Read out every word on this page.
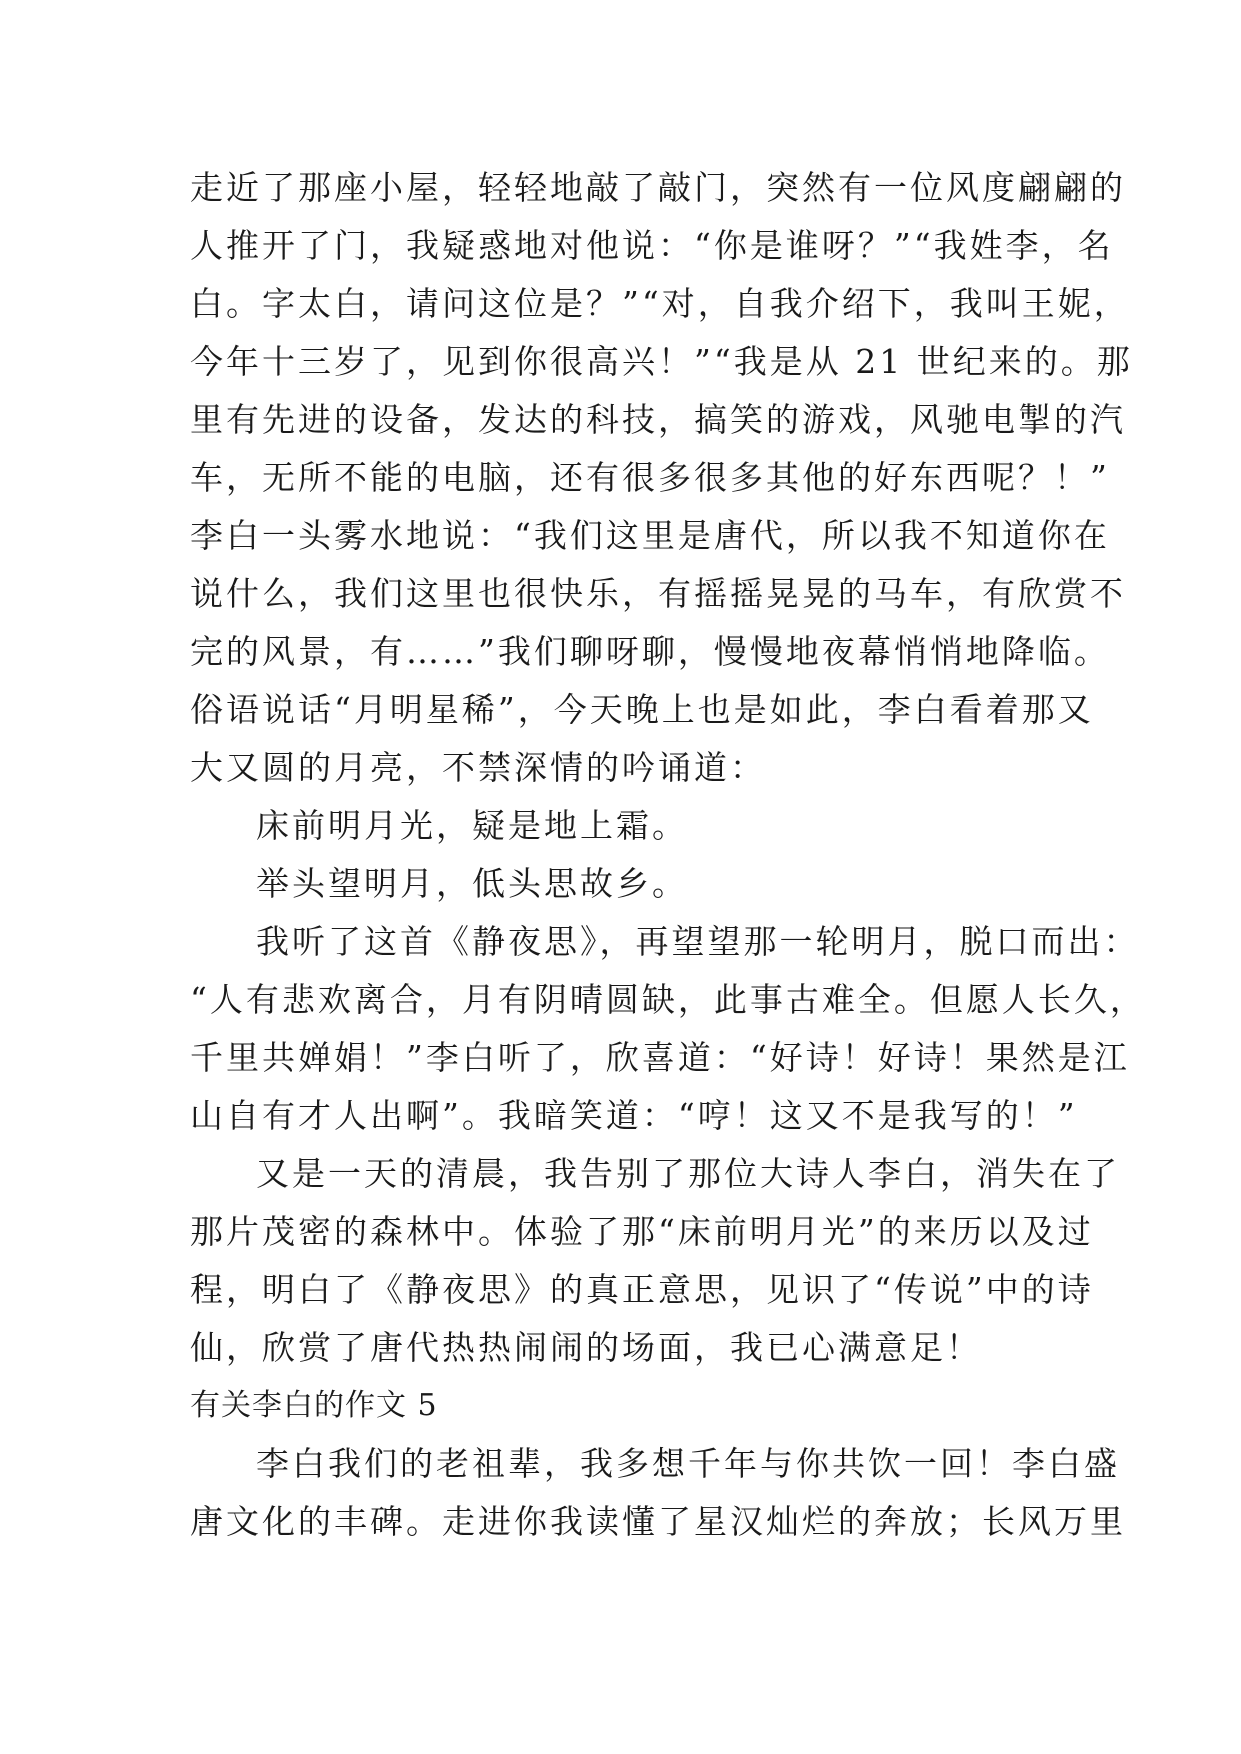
走近了那座小屋，轻轻地敲了敲门，突然有一位风度翩翩的
人推开了门，我疑惑地对他说：“你是谁呀？”“我姓李，名
白。字太白，请问这位是？”“对，自我介绍下，我叫王妮，
今年十三岁了，见到你很高兴！”“我是从 21 世纪来的。那
里有先进的设备，发达的科技，搞笑的游戏，风驰电掣的汽
车，无所不能的电脑，还有很多很多其他的好东西呢？！”
李白一头雾水地说：“我们这里是唐代，所以我不知道你在
说什么，我们这里也很快乐，有摇摇晃晃的马车，有欣赏不
完的风景，有……”我们聊呀聊，慢慢地夜幕悄悄地降临。
俗语说话“月明星稀”，今天晚上也是如此，李白看着那又
大又圆的月亮，不禁深情的吟诵道：
床前明月光，疑是地上霜。
举头望明月，低头思故乡。
我听了这首《静夜思》，再望望那一轮明月，脱口而出：
“人有悲欢离合，月有阴晴圆缺，此事古难全。但愿人长久，
千里共婵娟！”李白听了，欣喜道：“好诗！好诗！果然是江
山自有才人出啊”。我暗笑道：“哼！这又不是我写的！”
又是一天的清晨，我告别了那位大诗人李白，消失在了
那片茂密的森林中。体验了那“床前明月光”的来历以及过
程，明白了《静夜思》的真正意思，见识了“传说”中的诗
仙，欣赏了唐代热热闹闹的场面，我已心满意足！
有关李白的作文 5
李白我们的老祖辈，我多想千年与你共饮一回！李白盛
唐文化的丰碑。走进你我读懂了星汉灿烂的奔放；长风万里
